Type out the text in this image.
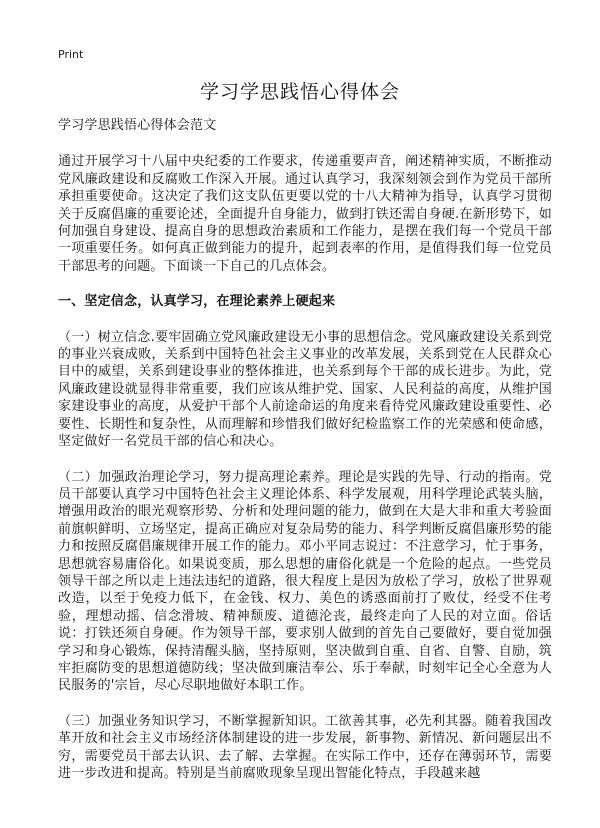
Print
学习学思践悟心得体会

学习学思践悟心得体会范文

通过开展学习十八届中央纪委的工作要求，传递重要声音，阐述精神实质，不断推动党风廉政建设和反腐败工作深入开展。通过认真学习，我深刻领会到作为党员干部所承担重要使命。这决定了我们这支队伍更要以党的十八大精神为指导，认真学习贯彻关于反腐倡廉的重要论述，全面提升自身能力，做到打铁还需自身硬.在新形势下，如何加强自身建设、提高自身的思想政治素质和工作能力，是摆在我们每一个党员干部一项重要任务。如何真正做到能力的提升，起到表率的作用，是值得我们每一位党员干部思考的问题。下面谈一下自己的几点体会。

一、坚定信念，认真学习，在理论素养上硬起来

（一）树立信念.要牢固确立党风廉政建设无小事的思想信念。党风廉政建设关系到党的事业兴衰成败，关系到中国特色社会主义事业的改革发展，关系到党在人民群众心目中的威望，关系到建设事业的整体推进，也关系到每个干部的成长进步。为此，党风廉政建设就显得非常重要，我们应该从维护党、国家、人民利益的高度，从维护国家建设事业的高度，从爱护干部个人前途命运的角度来看待党风廉政建设重要性、必要性、长期性和复杂性，从而理解和珍惜我们做好纪检监察工作的光荣感和使命感，坚定做好一名党员干部的信心和决心。

（二）加强政治理论学习，努力提高理论素养。理论是实践的先导、行动的指南。党员干部要认真学习中国特色社会主义理论体系、科学发展观，用科学理论武装头脑，增强用政治的眼光观察形势、分析和处理问题的能力，做到在大是大非和重大考验面前旗帜鲜明、立场坚定，提高正确应对复杂局势的能力、科学判断反腐倡廉形势的能力和按照反腐倡廉规律开展工作的能力。邓小平同志说过：不注意学习，忙于事务，思想就容易庸俗化。如果说变质，那么思想的庸俗化就是一个危险的起点。一些党员领导干部之所以走上违法违纪的道路，很大程度上是因为放松了学习，放松了世界观改造，以至于免疫力低下，在金钱、权力、美色的诱惑面前打了败仗，经受不住考验，理想动摇、信念滑坡、精神颓废、道德沦丧，最终走向了人民的对立面。俗话说：打铁还须自身硬。作为领导干部，要求别人做到的首先自己要做好，要自觉加强学习和身心锻炼，保持清醒头脑，坚持原则，坚决做到自重、自省、自警、自励，筑牢拒腐防变的思想道德防线；坚决做到廉洁奉公、乐于奉献，时刻牢记全心全意为人民服务的'宗旨，尽心尽职地做好本职工作。

（三）加强业务知识学习，不断掌握新知识。工欲善其事，必先利其器。随着我国改革开放和社会主义市场经济体制建设的进一步发展，新事物、新情况、新问题层出不穷，需要党员干部去认识、去了解、去掌握。在实际工作中，还存在薄弱环节，需要进一步改进和提高。特别是当前腐败现象呈现出智能化特点，手段越来越
